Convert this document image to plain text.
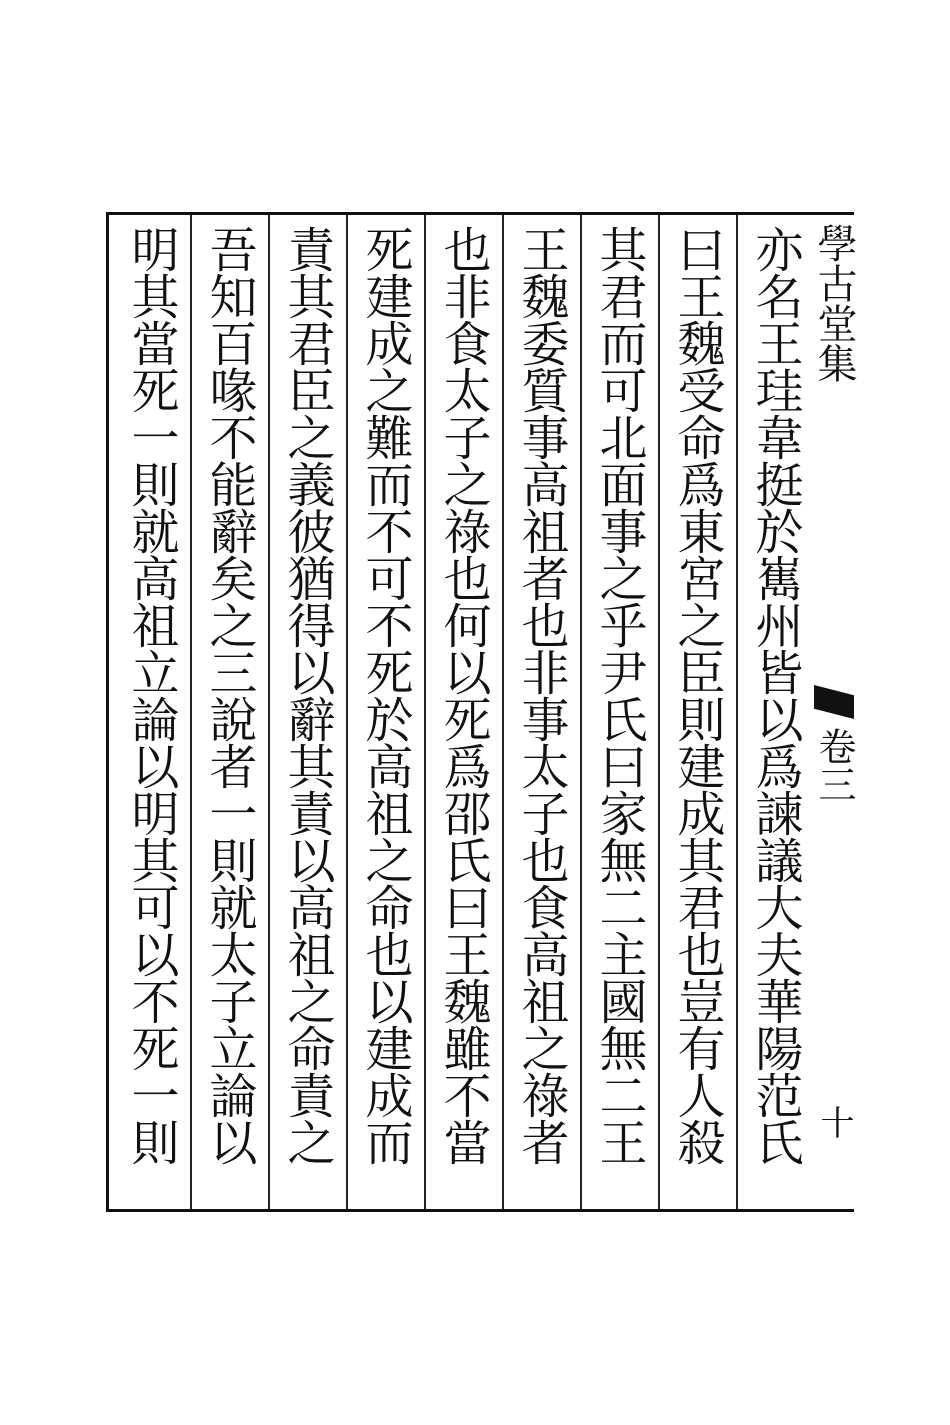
亦名王珪韋挺於嶲州皆以爲諫議大夫華陽范氏
曰王魏受命爲東宮之臣則建成其君也豈有人殺
其君而可北面事之乎尹氏曰家無二主國無二王
王魏委質事高祖者也非事太子也食高祖之祿者
也非食太子之祿也何以死爲邵氏曰王魏雖不當
死建成之難而不可不死於高祖之命也以建成而
責其君臣之義彼猶得以辭其責以高祖之命責之
吾知百喙不能辭矣之三說者一則就太子立論以
明其當死一則就高祖立論以明其可以不死一則	學古堂集
卷三
十
